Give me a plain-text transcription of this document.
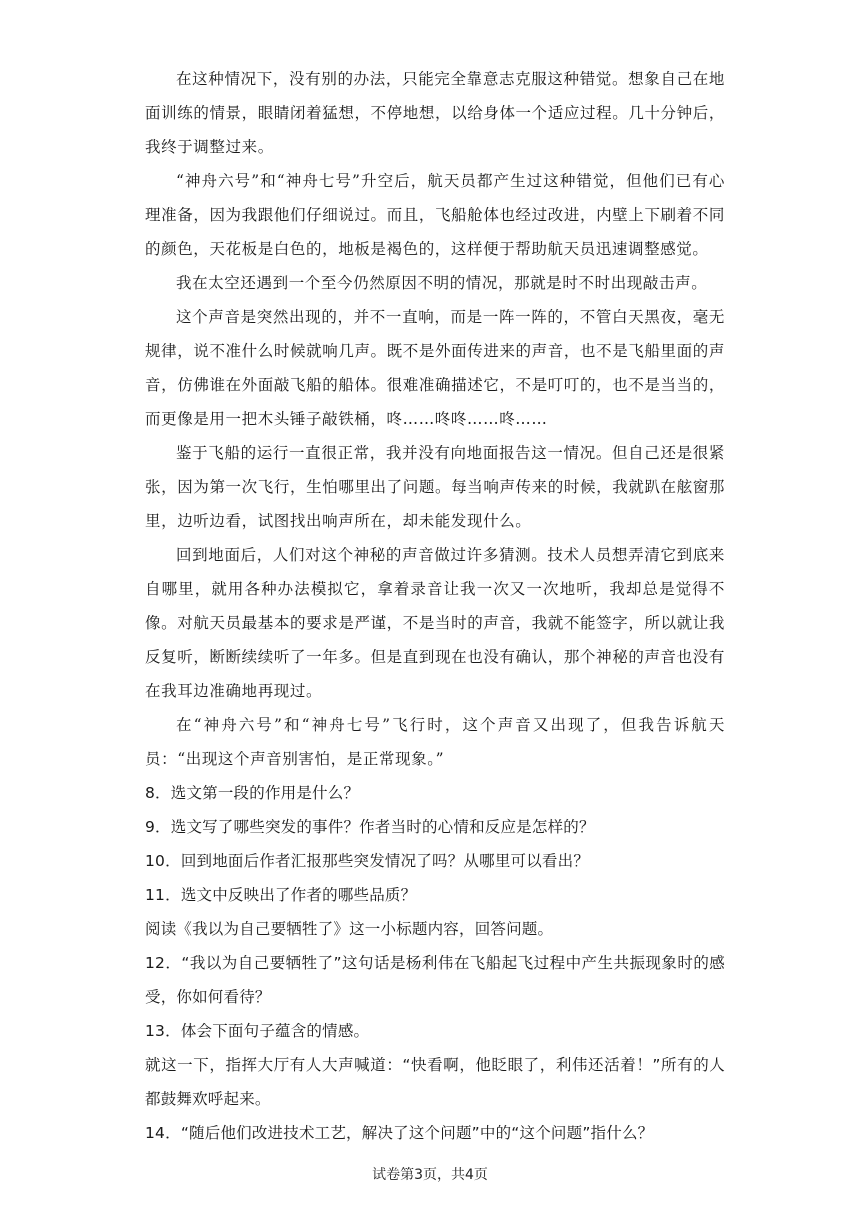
在这种情况下，没有别的办法，只能完全靠意志克服这种错觉。想象自己在地面训练的情景，眼睛闭着猛想，不停地想，以给身体一个适应过程。几十分钟后，我终于调整过来。

“神舟六号”和“神舟七号”升空后，航天员都产生过这种错觉，但他们已有心理准备，因为我跟他们仔细说过。而且，飞船舱体也经过改进，内壁上下刷着不同的颜色，天花板是白色的，地板是褐色的，这样便于帮助航天员迅速调整感觉。

我在太空还遇到一个至今仍然原因不明的情况，那就是时不时出现敲击声。

这个声音是突然出现的，并不一直响，而是一阵一阵的，不管白天黑夜，毫无规律，说不准什么时候就响几声。既不是外面传进来的声音，也不是飞船里面的声音，仿佛谁在外面敲飞船的船体。很难准确描述它，不是叮叮的，也不是当当的，而更像是用一把木头锤子敲铁桶，咚……咚咚……咚……

鉴于飞船的运行一直很正常，我并没有向地面报告这一情况。但自己还是很紧张，因为第一次飞行，生怕哪里出了问题。每当响声传来的时候，我就趴在舷窗那里，边听边看，试图找出响声所在，却未能发现什么。

回到地面后，人们对这个神秘的声音做过许多猜测。技术人员想弄清它到底来自哪里，就用各种办法模拟它，拿着录音让我一次又一次地听，我却总是觉得不像。对航天员最基本的要求是严谨，不是当时的声音，我就不能签字，所以就让我反复听，断断续续听了一年多。但是直到现在也没有确认，那个神秘的声音也没有在我耳边准确地再现过。

在“神舟六号”和“神舟七号”飞行时，这个声音又出现了，但我告诉航天员：“出现这个声音别害怕，是正常现象。”

8．选文第一段的作用是什么？

9．选文写了哪些突发的事件？作者当时的心情和反应是怎样的？

10．回到地面后作者汇报那些突发情况了吗？从哪里可以看出？

11．选文中反映出了作者的哪些品质？

阅读《我以为自己要牺牲了》这一小标题内容，回答问题。

12．“我以为自己要牺牲了”这句话是杨利伟在飞船起飞过程中产生共振现象时的感受，你如何看待？

13．体会下面句子蕴含的情感。

就这一下，指挥大厅有人大声喊道：“快看啊，他眨眼了，利伟还活着！”所有的人都鼓舞欢呼起来。

14．“随后他们改进技术工艺，解决了这个问题”中的“这个问题”指什么？

试卷第3页，共4页
